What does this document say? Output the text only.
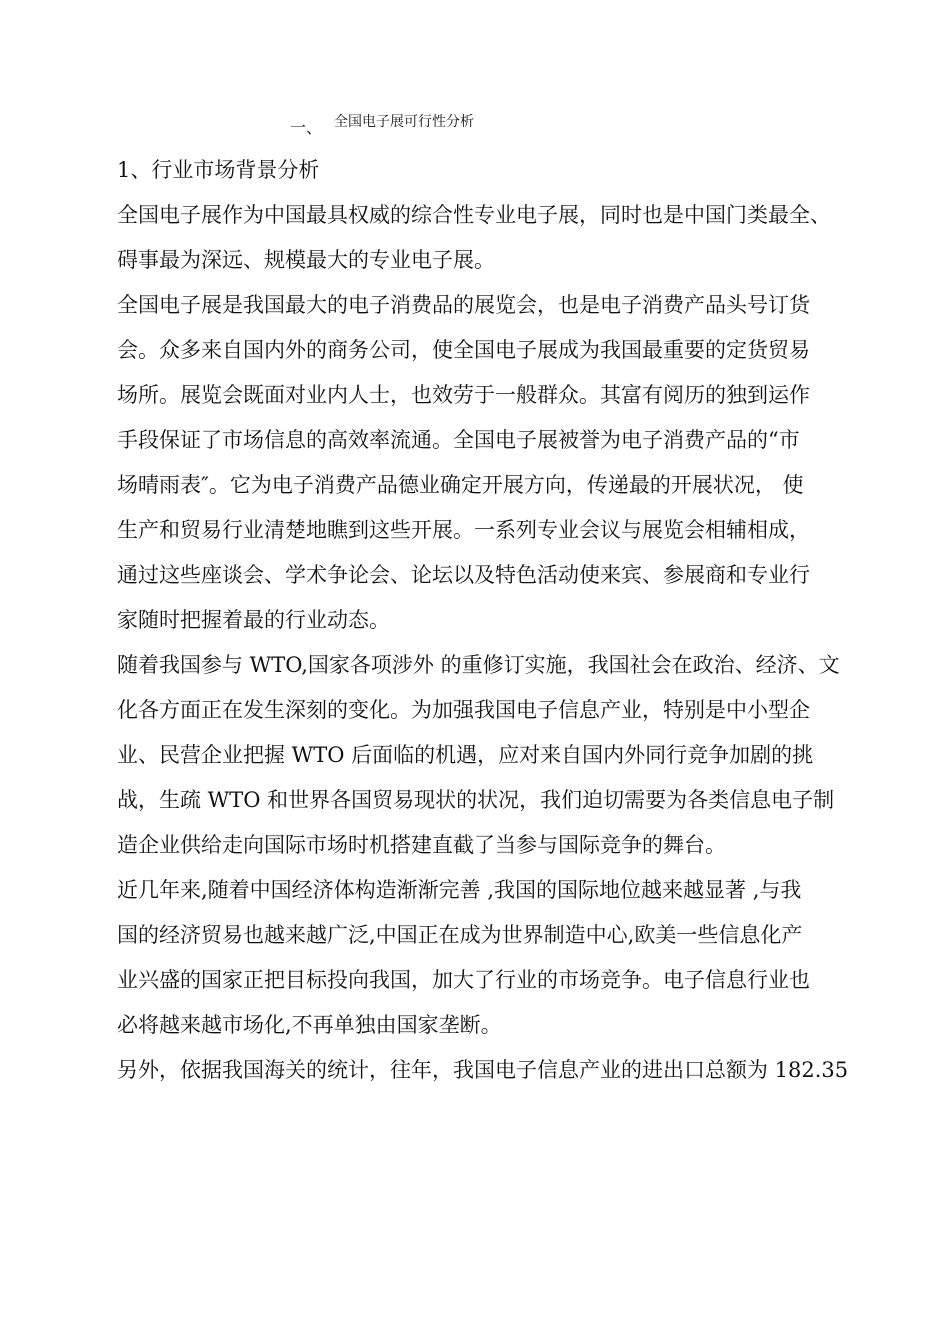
一、 全国电子展可行性分析
1、行业市场背景分析
全国电子展作为中国最具权威的综合性专业电子展，同时也是中国门类最全、
碍事最为深远、规模最大的专业电子展。
全国电子展是我国最大的电子消费品的展览会，也是电子消费产品头号订货
会。众多来自国内外的商务公司，使全国电子展成为我国最重要的定货贸易
场所。展览会既面对业内人士，也效劳于一般群众。其富有阅历的独到运作
手段保证了市场信息的高效率流通。全国电子展被誉为电子消费产品的“市
场晴雨表″。它为电子消费产品德业确定开展方向，传递最的开展状况， 使
生产和贸易行业清楚地瞧到这些开展。一系列专业会议与展览会相辅相成，
通过这些座谈会、学术争论会、论坛以及特色活动使来宾、参展商和专业行
家随时把握着最的行业动态。
随着我国参与 WTO,国家各项涉外 的重修订实施，我国社会在政治、经济、文
化各方面正在发生深刻的变化。为加强我国电子信息产业，特别是中小型企
业、民营企业把握 WTO 后面临的机遇，应对来自国内外同行竞争加剧的挑
战，生疏 WTO 和世界各国贸易现状的状况，我们迫切需要为各类信息电子制
造企业供给走向国际市场时机搭建直截了当参与国际竞争的舞台。
近几年来,随着中国经济体构造渐渐完善 ,我国的国际地位越来越显著 ,与我
国的经济贸易也越来越广泛,中国正在成为世界制造中心,欧美一些信息化产
业兴盛的国家正把目标投向我国，加大了行业的市场竞争。电子信息行业也
必将越来越市场化,不再单独由国家垄断。
另外，依据我国海关的统计，往年，我国电子信息产业的进出口总额为 182.35
